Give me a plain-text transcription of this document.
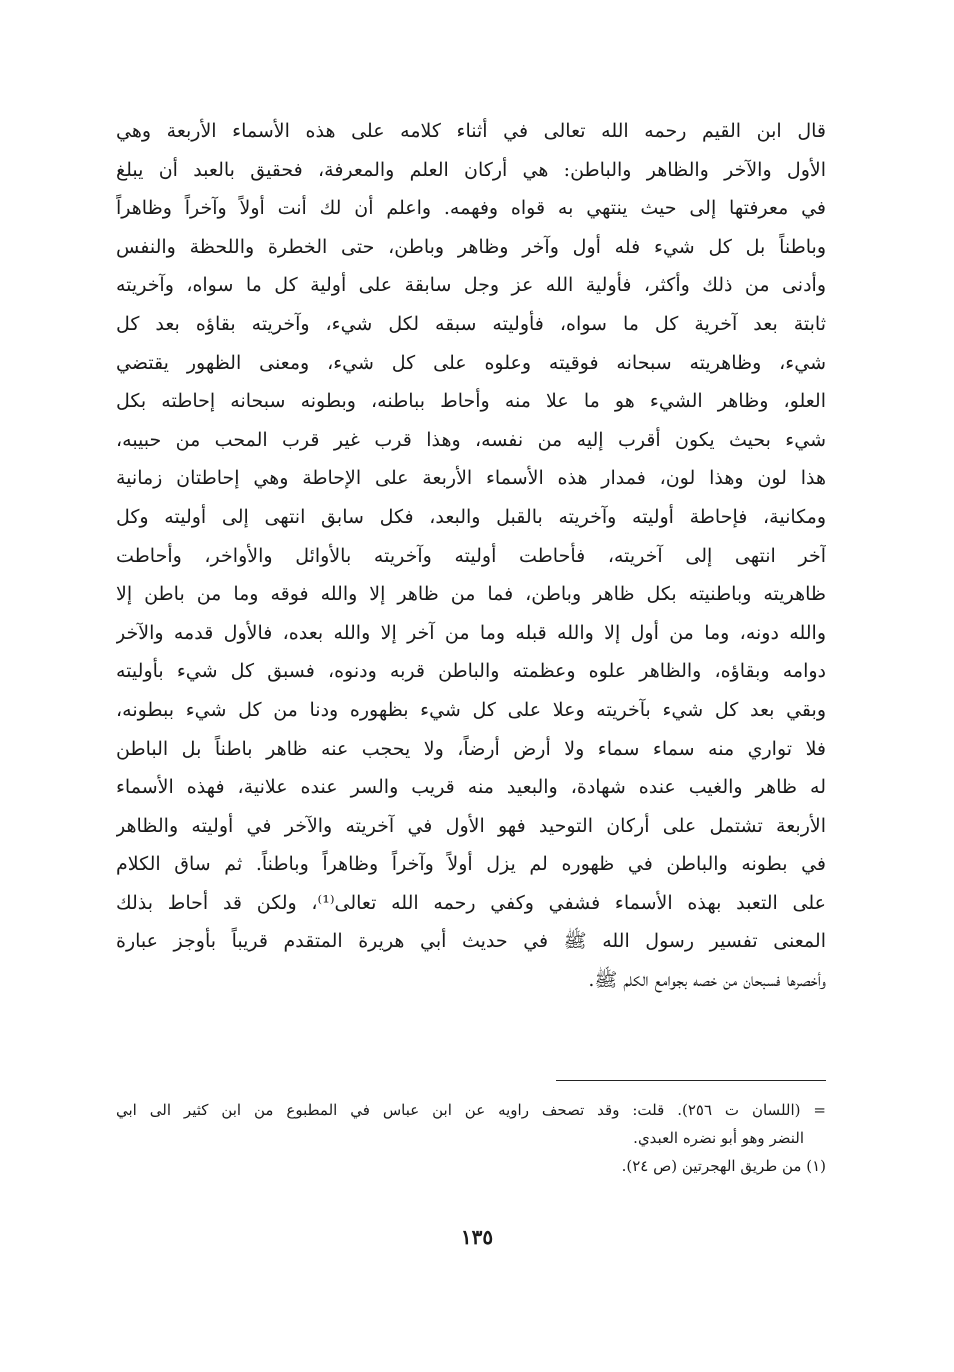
قال ابن القيم رحمه الله تعالى في أثناء كلامه على هذه الأسماء الأربعة وهي
الأول والآخر والظاهر والباطن: هي أركان العلم والمعرفة، فحقيق بالعبد أن يبلغ
في معرفتها إلى حيث ينتهي به قواه وفهمه. واعلم أن لك أنت أولاً وآخراً وظاهراً
وباطناً بل كل شيء فله أول وآخر وظاهر وباطن، حتى الخطرة واللحظة والنفس
وأدنى من ذلك وأكثر، فأولية الله عز وجل سابقة على أولية كل ما سواه، وآخريته
ثابتة بعد آخرية كل ما سواه، فأوليته سبقه لكل شيء، وآخريته بقاؤه بعد كل
شيء، وظاهريته سبحانه فوقيته وعلوه على كل شيء، ومعنى الظهور يقتضي
العلو، وظاهر الشيء هو ما علا منه وأحاط بباطنه، وبطونه سبحانه إحاطته بكل
شيء بحيث يكون أقرب إليه من نفسه، وهذا قرب غير قرب المحب من حبيبه،
هذا لون وهذا لون، فمدار هذه الأسماء الأربعة على الإحاطة وهي إحاطتان زمانية
ومكانية، فإحاطة أوليته وآخريته بالقبل والبعد، فكل سابق انتهى إلى أوليته وكل
آخر انتهى إلى آخريته، فأحاطت أوليته وآخريته بالأوائل والأواخر، وأحاطت
ظاهريته وباطنيته بكل ظاهر وباطن، فما من ظاهر إلا والله فوقه وما من باطن إلا
والله دونه، وما من أول إلا والله قبله وما من آخر إلا والله بعده، فالأول قدمه والآخر
دوامه وبقاؤه، والظاهر علوه وعظمته والباطن قربه ودنوه، فسبق كل شيء بأوليته
وبقي بعد كل شيء بآخريته وعلا على كل شيء بظهوره ودنا من كل شيء ببطونه،
فلا تواري منه سماء سماء ولا أرض أرضاً، ولا يحجب عنه ظاهر باطناً بل الباطن
له ظاهر والغيب عنده شهادة، والبعيد منه قريب والسر عنده علانية، فهذه الأسماء
الأربعة تشتمل على أركان التوحيد فهو الأول في آخريته والآخر في أوليته والظاهر
في بطونه والباطن في ظهوره لم يزل أولاً وآخراً وظاهراً وباطناً. ثم ساق الكلام
على التعبد بهذه الأسماء فشفي وكفي رحمه الله تعالى⁽¹⁾، ولكن قد أحاط بذلك
المعنى تفسير رسول الله ﷺ في حديث أبي هريرة المتقدم قريباً بأوجز عبارة
وأخصرها فسبحان من خصه بجوامع الكلم ﷺ.
= (اللسان ت ٢٥٦). قلت: وقد تصحف راويه عن ابن عباس في المطبوع من ابن كثير الى ابي
النضر وهو أبو نضره العبدي.
(١) من طريق الهجرتين (ص ٢٤).
١٣٥
